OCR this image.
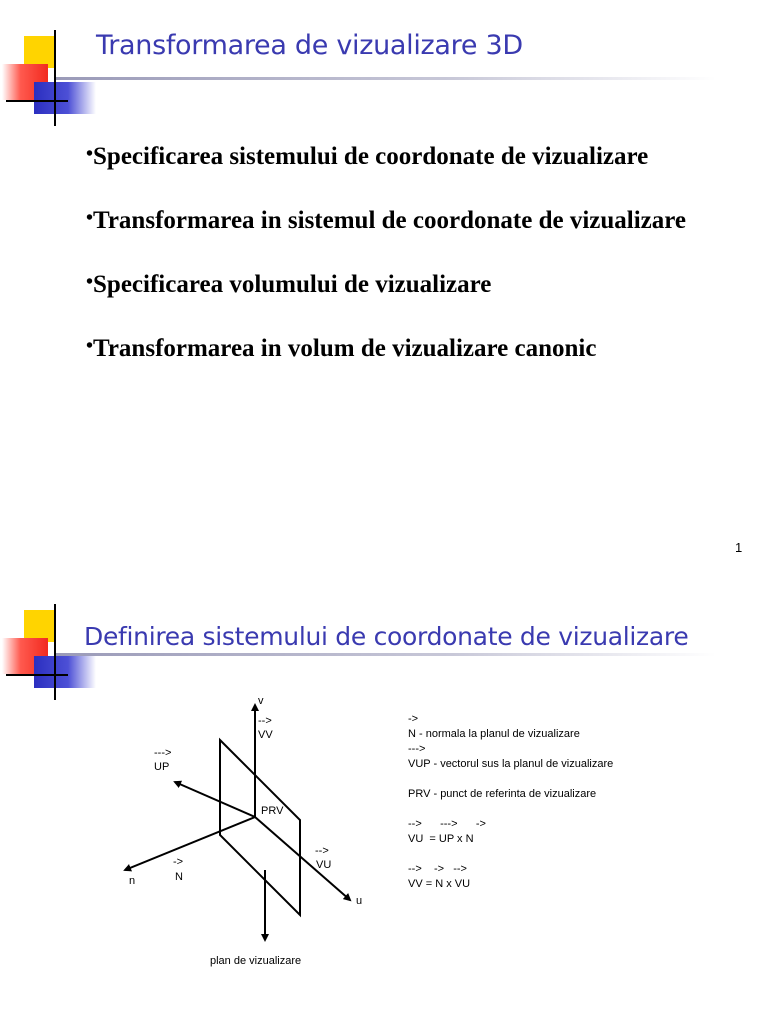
Transformarea de vizualizare 3D
•Specificarea sistemului de coordonate de vizualizare
•Transformarea in sistemul de coordonate de vizualizare
•Specificarea volumului de vizualizare
•Transformarea in volum de vizualizare canonic
1
Definirea sistemului de coordonate de vizualizare
v
-->
VV
--->
UP
PRV
->
N
n
-->
VU
u
plan de vizualizare
->
N - normala la planul de vizualizare
--->
VUP - vectorul sus la planul de vizualizare
PRV - punct de referinta de vizualizare
-->      --->      ->
VU  = UP x N
-->    ->   -->
VV = N x VU
